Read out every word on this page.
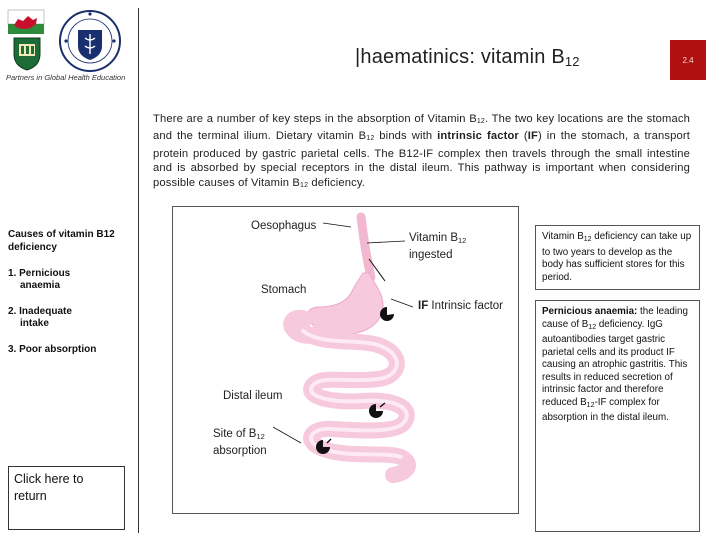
Partners in Global Health Education
|haematinics: vitamin $B_{12}$	2.4
There are a number of key steps in the absorption of Vitamin $B_{12}$. The two key locations are the stomach and the terminal ilium. Dietary vitamin $B_{12}$ binds with intrinsic factor (IF) in the stomach, a transport protein produced by gastric parietal cells. The B12-IF complex then travels through the small intestine and is absorbed by special receptors in the distal ileum. This pathway is important when considering possible causes of Vitamin $B_{12}$ deficiency.
Causes of vitamin B12 deficiency
1. Pernicious
anaemia
2. Inadequate
intake
3. Poor absorption
Click here to return
Oesophagus
Vitamin $B_{12}$
ingested
Stomach
IF Intrinsic factor
Distal ileum
Site of $B_{12}$
absorption
Vitamin $B_{12}$ deficiency can take up to two years to develop as the body has sufficient stores for this period.
Pernicious anaemia: the leading cause of $B_{12}$ deficiency. IgG autoantibodies target gastric parietal cells and its product IF causing an atrophic gastritis. This results in reduced secretion of intrinsic factor and therefore reduced $B_{12}-IF$ complex for absorption in the distal ileum.
